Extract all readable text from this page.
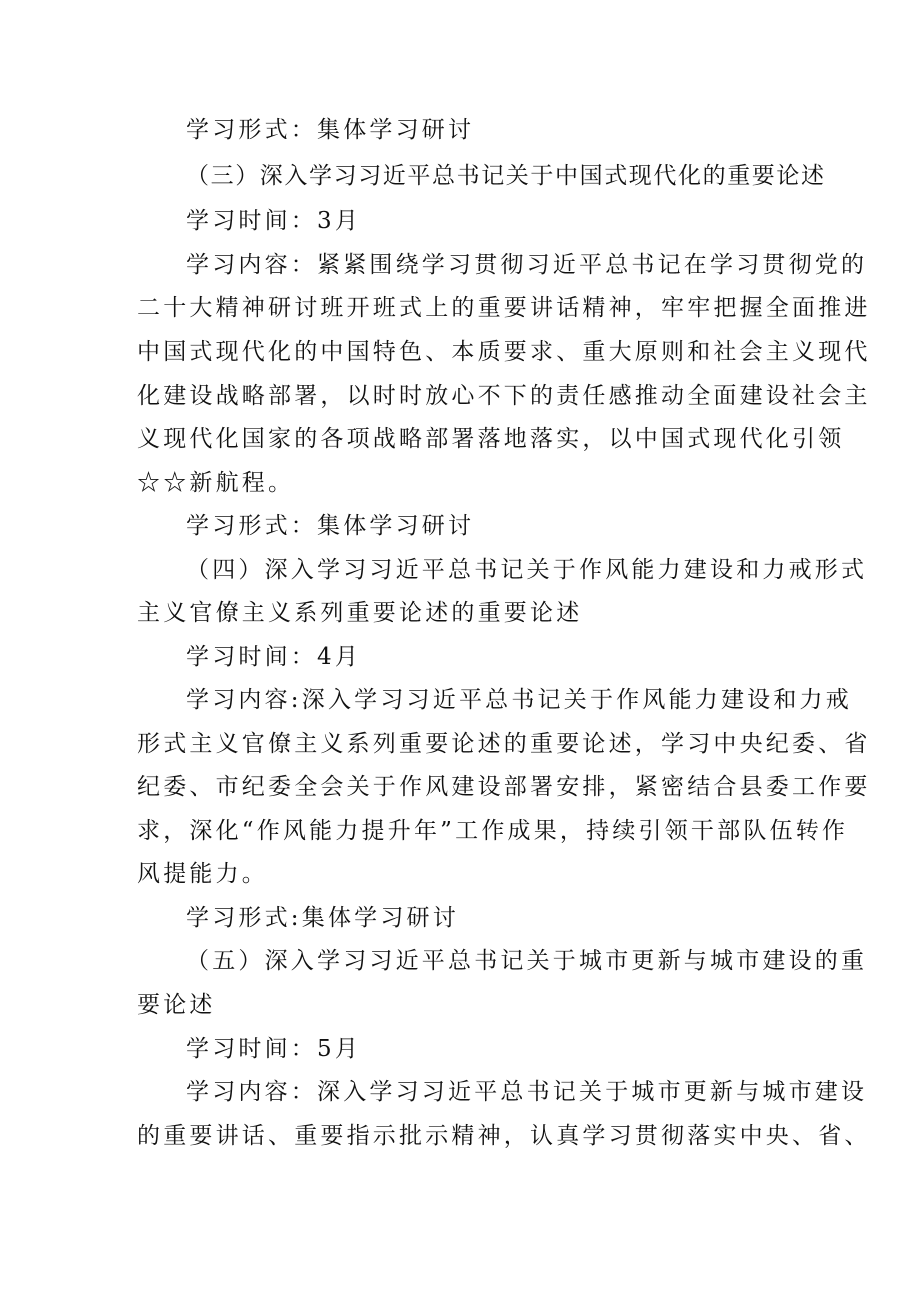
学习形式：集体学习研讨
（三）深入学习习近平总书记关于中国式现代化的重要论述
学习时间：3月
学习内容：紧紧围绕学习贯彻习近平总书记在学习贯彻党的
二十大精神研讨班开班式上的重要讲话精神，牢牢把握全面推进
中国式现代化的中国特色、本质要求、重大原则和社会主义现代
化建设战略部署，以时时放心不下的责任感推动全面建设社会主
义现代化国家的各项战略部署落地落实，以中国式现代化引领
☆☆新航程。
学习形式：集体学习研讨
（四）深入学习习近平总书记关于作风能力建设和力戒形式
主义官僚主义系列重要论述的重要论述
学习时间：4月
学习内容:深入学习习近平总书记关于作风能力建设和力戒
形式主义官僚主义系列重要论述的重要论述，学习中央纪委、省
纪委、市纪委全会关于作风建设部署安排，紧密结合县委工作要
求，深化“作风能力提升年”工作成果，持续引领干部队伍转作
风提能力。
学习形式:集体学习研讨
（五）深入学习习近平总书记关于城市更新与城市建设的重
要论述
学习时间：5月
学习内容：深入学习习近平总书记关于城市更新与城市建设
的重要讲话、重要指示批示精神，认真学习贯彻落实中央、省、
